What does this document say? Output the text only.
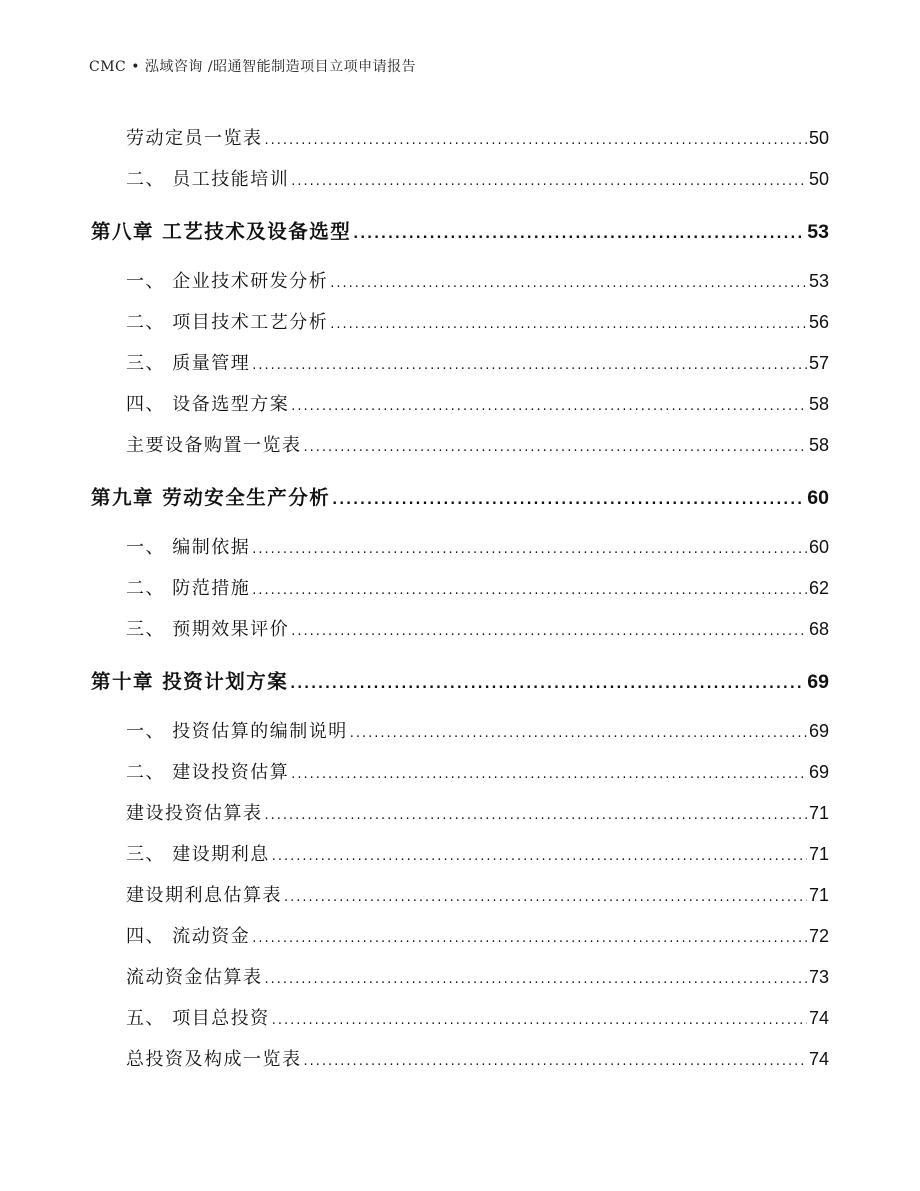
CMC • 泓域咨询 /昭通智能制造项目立项申请报告
劳动定员一览表 .....	50
二、 员工技能培训 .....	50
第八章 工艺技术及设备选型 .....	53
一、 企业技术研发分析 .....	53
二、 项目技术工艺分析 .....	56
三、 质量管理 .....	57
四、 设备选型方案 .....	58
主要设备购置一览表 .....	58
第九章 劳动安全生产分析 .....	60
一、 编制依据 .....	60
二、 防范措施 .....	62
三、 预期效果评价 .....	68
第十章 投资计划方案 .....	69
一、 投资估算的编制说明 .....	69
二、 建设投资估算 .....	69
建设投资估算表 .....	71
三、 建设期利息 .....	71
建设期利息估算表 .....	71
四、 流动资金 .....	72
流动资金估算表 .....	73
五、 项目总投资 .....	74
总投资及构成一览表 .....	74
